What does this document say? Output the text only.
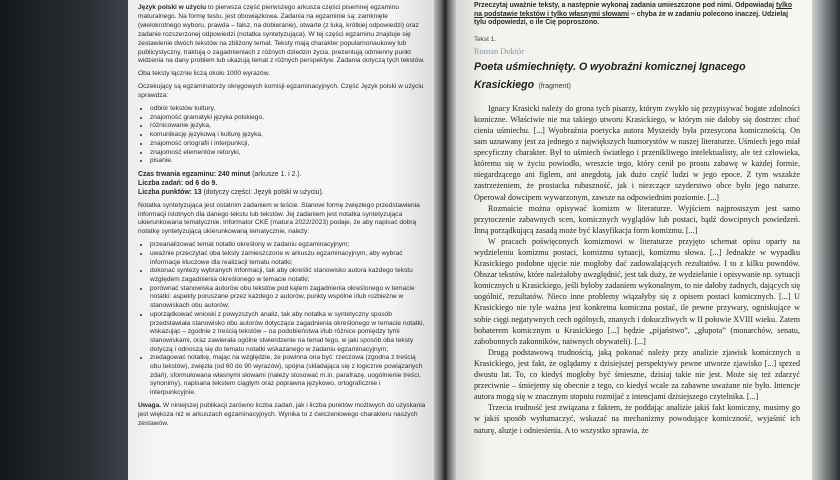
Język polski w użyciu to pierwsza część pierwszego arkusza części pisemnej egzaminu maturalnego. Na formę testu, jest obowiązkowa. Zadania na egzaminie są: zamknięte (wielokrotnego wyboru, prawda – fałsz, na dobieranie), otwarte (z luką, krótkiej odpowiedzi) oraz zadanie rozszerzonej odpowiedzi (notatka syntetyzująca). W tej części egzaminu znajduje się zestawienie dwóch tekstów na zbliżony temat. Teksty mają charakter popularnonaukowy lub publicystyczny, traktują o zagadnieniach z różnych dziedzin życia, prezentują odmienny punkt widzenia na dany problem lub ukazują temat z różnych perspektyw. Zadania dotyczą tych tekstów.

Oba teksty łącznie liczą około 1000 wyrazów.

Oczekujący są egzaminatorzy okręgowych komisji egzaminacyjnych. Część Język polski w użyciu sprawdza:

• odbiór tekstów kultury,
• znajomość gramatyki języka polskiego,
• różnicowanie języka,
• komunikację językową i kulturę języka,
• znajomość ortografii i interpunkcji,
• znajomość elementów retoryki,
• pisanie.

Czas trwania egzaminu: 240 minut (arkusze 1. i 2.).

Liczba zadań: od 6 do 9.

Liczba punktów: 13 (dotyczy części: Język polski w użyciu).

Notatka syntetyzująca jest ostatnim zadaniem w teście. Stanowi formę zwięzłego przedstawienia informacji istotnych dla danego tekstu lub tekstów. Jej zadaniem jest notatka syntetyzująca ukierunkowana tematycznie. Informator CKE (matura 2022/2023) podaje, że aby napisać dobrą notatkę syntetyzującą ukierunkowaną tematycznie, należy:

• przeanalizować temat notatki określony w zadaniu egzaminacyjnym;
• uważnie przeczytać oba teksty zamieszczone w arkuszu egzaminacyjnym, aby wybrać informacje kluczowe dla realizacji tematu notatki;
• dokonać syntezy wybranych informacji, tak aby określić stanowisko autora każdego tekstu względem zagadnienia określonego w temacie notatki;
• porównać stanowiska autorów obu tekstów pod kątem zagadnienia określonego w temacie notatki: aspekty poruszane przez każdego z autorów, punkty wspólne i/lub rozbieżne w stanowiskach obu autorów;
• uporządkować wnioski z powyższych analiz, tak aby notatka w syntetyczny sposób przedstawiała stanowisko obu autorów dotyczące zagadnienia określonego w temacie notatki, wskazując – zgodnie z treścią tekstów – na podobieństwa i/lub różnice pomiędzy tymi stanowiskami, oraz zawierała ogólne stwierdzenie na temat tego, w jaki sposób oba teksty dotyczą i odnoszą się do tematu notatki wskazanego w zadaniu egzaminacyjnym;
• zredagować notatkę, mając na względzie, że powinna ona być: rzeczowa (zgodna z treścią obu tekstów), zwięzła (od 60 do 90 wyrazów), spójna (składająca się z logicznie powiązanych zdań), sformułowana własnymi słowami (należy stosować m.in. parafrazę, uogólnienie treści, synonimy), napisana tekstem ciągłym oraz poprawna językowo, ortograficznie i interpunkcyjnie.

Uwaga. W niniejszej publikacji zarówno liczba zadań, jak i liczba punktów możliwych do uzyskania jest większa niż w arkuszach egzaminacyjnych. Wynika to z ćwiczeniowego charakteru naszych zestawów.

Przeczytaj uważnie teksty, a następnie wykonaj zadania umieszczone pod nimi. Odpowiadaj tylko na podstawie tekstów i tylko własnymi słowami – chyba że w zadaniu polecono inaczej. Udzielaj tylu odpowiedzi, o ile Cię poproszono.

Tekst 1.
Roman Doktór
Poeta uśmiechnięty. O wyobraźni komicznej Ignacego Krasickiego (fragment)

Ignacy Krasicki należy do grona tych pisarzy, którym zwykło się przypisywać bogate zdolności komiczne. Właściwie nie ma takiego utworu Krasickiego, w którym nie dałoby się dostrzec choć cienia uśmiechu. [...] Wyobraźnia poetycka autora Myszeidy była przesycona komicznością. On sam uznawany jest za jednego z największych humorystów w naszej literaturze. Uśmiech jego miał specyficzny charakter. Był to uśmiech światłego i przenikliwego intelektualisty, ale też człowieka, któremu się w życiu powiodło, wreszcie tego, który cenił po prostu zabawę w każdej formie, niegardzącego ani figlem, ani anegdotą, jak dużo część ludzi w jego epoce. Z tym wszakże zastrzeżeniem, że prostacka rubaszność, jak i niezczące szyderstwo obce było jego naturze. Operował dowcipem wywarzonym, zawsze na odpowiednim poziomie. [...]

Rozmaicie można opisywać komizm w literaturze. Wyjściem najprostszym jest samo przytoczenie zabawnych scen, komicznych wyglądów lub postaci, bądź dowcipnych powiedzeń. Inną porządkującą zasadą może być klasyfikacja form komizmu. [...]

W pracach poświęconych komizmowi w literaturze przyjęto schemat opisu oparty na wydzieleniu komizmu postaci, komizmu sytuacji, komizmu słowa. [...] Jednakże w wypadku Krasickiego podobne ujęcie nie mogłoby dać zadowalających rezultatów. I to z kilku powodów. Obszar tekstów, które należałoby uwzględnić, jest tak duży, że wydzielanie i opisywanie np. sytuacji komicznych u Krasickiego, jeśli byłoby zadaniem wykonalnym, to nie dałoby żadnych, dających się uogólnić, rezultatów. Nieco inne problemy wiązałyby się z opisem postaci komicznych. [...] U Krasickiego nie tyle ważna jest konkretna komiczna postać, ile pewne przywary, ogniskujące w sobie cięgi negatywnych cech ogólnych, znanych i dokuczliwych w II połowie XVIII wieku. Zatem bohaterem komicznym u Krasickiego [...] będzie „pijaństwo”, „głupota” (monarchów, senatu, zabobonnych zakonników, naiwnych obywateli). [...]

Drugą podstawową trudnością, jaką pokonać należy przy analizie zjawisk komicznych u Krasickiego, jest fakt, że oglądamy z dzisiejszej perspektywy pewne utworze zjawisko [...] sprzed dwustu lat. To, co kiedyś mogłoby być śmieszne, dzisiaj takie nie jest. Może się też zdarzyć przeciwnie – śmiejemy się obecnie z tego, co kiedyś wcale za zabawne uważane nie było. Intencje autora mogą się w znacznym stopniu rozmijać z intencjami dzisiejszego czytelnika. [...]

Trzecia trudność jest związana z faktem, że poddając analizie jakiś fakt komiczny, musimy go w jakiś sposób wytłumaczyć, wskazać na mechanizmy powodujące komiczność, wyjaśnić ich naturę, aluzje i odniesienia. A to wszystko sprawia, że
